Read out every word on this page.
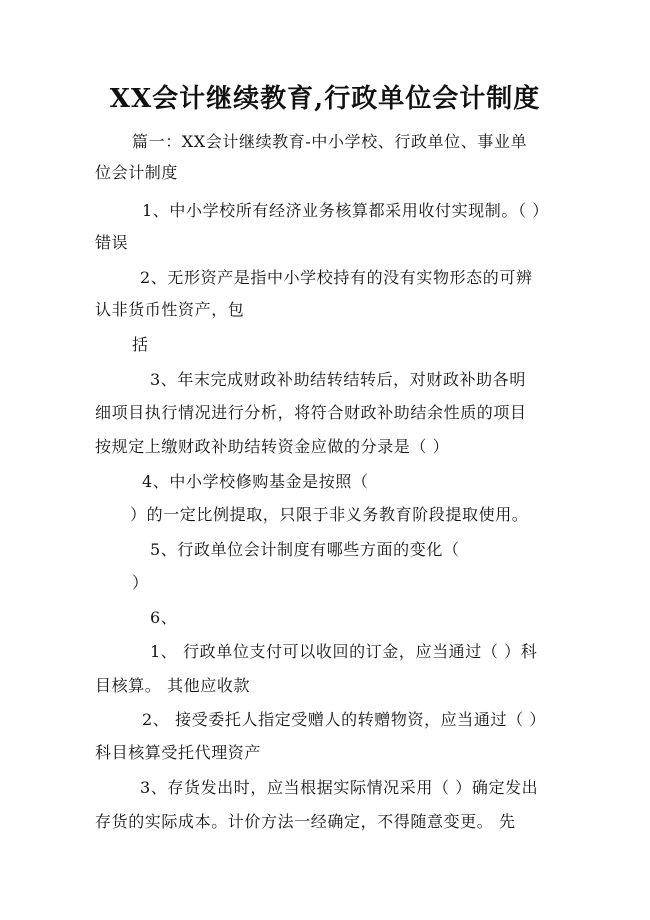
XX会计继续教育,行政单位会计制度
篇一：XX会计继续教育-中小学校、行政单位、事业单
位会计制度
1、中小学校所有经济业务核算都采用收付实现制。（ ）
错误
2、无形资产是指中小学校持有的没有实物形态的可辨
认非货币性资产，包
括
3、年末完成财政补助结转结转后，对财政补助各明
细项目执行情况进行分析，将符合财政补助结余性质的项目
按规定上缴财政补助结转资金应做的分录是（ ）
4、中小学校修购基金是按照（
）的一定比例提取，只限于非义务教育阶段提取使用。
5、行政单位会计制度有哪些方面的变化（
）
6、
1、 行政单位支付可以收回的订金，应当通过（ ）科
目核算。 其他应收款
2、 接受委托人指定受赠人的转赠物资，应当通过（ ）
科目核算受托代理资产
3、存货发出时，应当根据实际情况采用（ ）确定发出
存货的实际成本。计价方法一经确定，不得随意变更。 先
